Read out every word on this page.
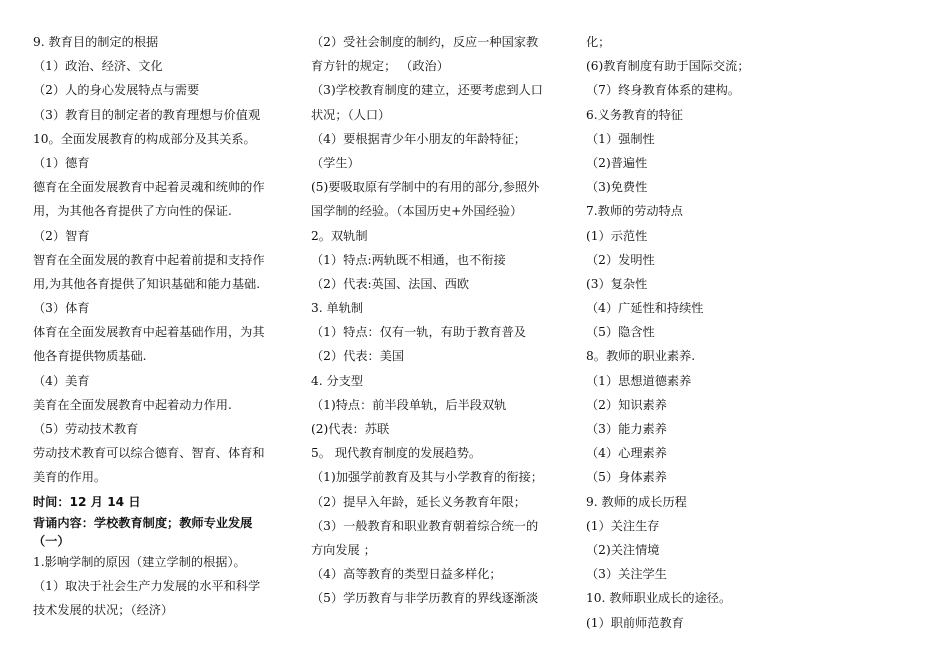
9. 教育目的制定的根据
（1）政治、经济、文化
（2）人的身心发展特点与需要
（3）教育目的制定者的教育理想与价值观
10。全面发展教育的构成部分及其关系。
（1）德育
德育在全面发展教育中起着灵魂和统帅的作
用，为其他各育提供了方向性的保证.
（2）智育
智育在全面发展的教育中起着前提和支持作
用,为其他各育提供了知识基础和能力基础.
（3）体育
体育在全面发展教育中起着基础作用，为其
他各育提供物质基础.
（4）美育
美育在全面发展教育中起着动力作用.
（5）劳动技术教育
劳动技术教育可以综合德育、智育、体育和
美育的作用。
时间：12 月 14 日
背诵内容：学校教育制度；教师专业发展
（一）
1.影响学制的原因（建立学制的根据）。
（1）取决于社会生产力发展的水平和科学
技术发展的状况；（经济）
（2）受社会制度的制约，反应一种国家教
育方针的规定； （政治）
（3)学校教育制度的建立，还要考虑到人口
状况；（人口）
（4）要根据青少年小朋友的年龄特征；
（学生）
(5)要吸取原有学制中的有用的部分,参照外
国学制的经验。（本国历史+外国经验）
2。双轨制
（1）特点:两轨既不相通，也不衔接
（2）代表:英国、法国、西欧
3. 单轨制
（1）特点：仅有一轨，有助于教育普及
（2）代表：美国
4. 分支型
（1)特点：前半段单轨，后半段双轨
(2)代表：苏联
5。 现代教育制度的发展趋势。
（1)加强学前教育及其与小学教育的衔接；
（2）提早入年龄，延长义务教育年限；
（3）一般教育和职业教育朝着综合统一的
方向发展 ；
（4）高等教育的类型日益多样化；
（5）学历教育与非学历教育的界线逐渐淡
化；
(6)教育制度有助于国际交流；
（7）终身教育体系的建构。
6.义务教育的特征
（1）强制性
（2)普遍性
（3)免费性
7.教师的劳动特点
(1）示范性
（2）发明性
(3）复杂性
（4）广延性和持续性
（5）隐含性
8。教师的职业素养.
（1）思想道德素养
（2）知识素养
（3）能力素养
（4）心理素养
（5）身体素养
9. 教师的成长历程
(1）关注生存
（2)关注情境
（3）关注学生
10. 教师职业成长的途径。
(1）职前师范教育
